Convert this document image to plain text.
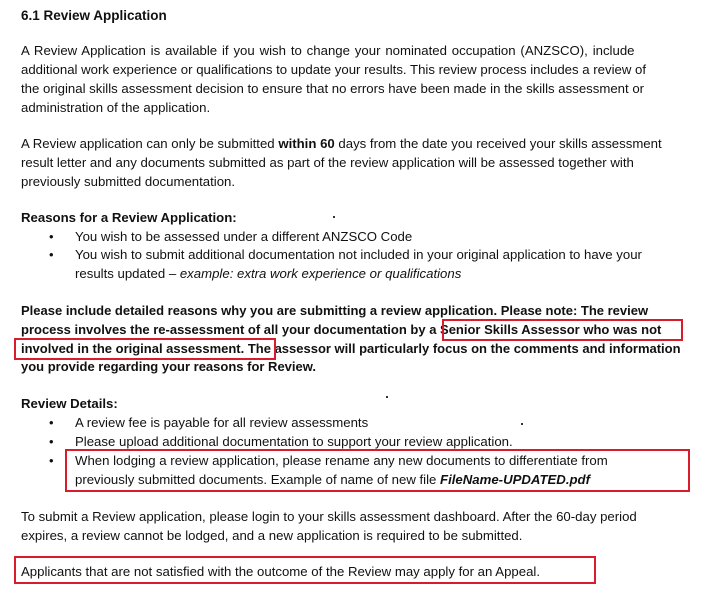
6.1 Review Application
A Review Application is available if you wish to change your nominated occupation (ANZSCO), include
additional work experience or qualifications to update your results. This review process includes a review of
the original skills assessment decision to ensure that no errors have been made in the skills assessment or
administration of the application.
A Review application can only be submitted within 60 days from the date you received your skills assessment
result letter and any documents submitted as part of the review application will be assessed together with
previously submitted documentation.
Reasons for a Review Application:
• You wish to be assessed under a different ANZSCO Code
• You wish to submit additional documentation not included in your original application to have your
results updated – example: extra work experience or qualifications
Please include detailed reasons why you are submitting a review application. Please note: The review
process involves the re-assessment of all your documentation by a Senior Skills Assessor who was not
involved in the original assessment. The assessor will particularly focus on the comments and information
you provide regarding your reasons for Review.
Review Details:
• A review fee is payable for all review assessments
• Please upload additional documentation to support your review application.
• When lodging a review application, please rename any new documents to differentiate from
previously submitted documents. Example of name of new file FileName-UPDATED.pdf
To submit a Review application, please login to your skills assessment dashboard. After the 60-day period
expires, a review cannot be lodged, and a new application is required to be submitted.
Applicants that are not satisfied with the outcome of the Review may apply for an Appeal.
